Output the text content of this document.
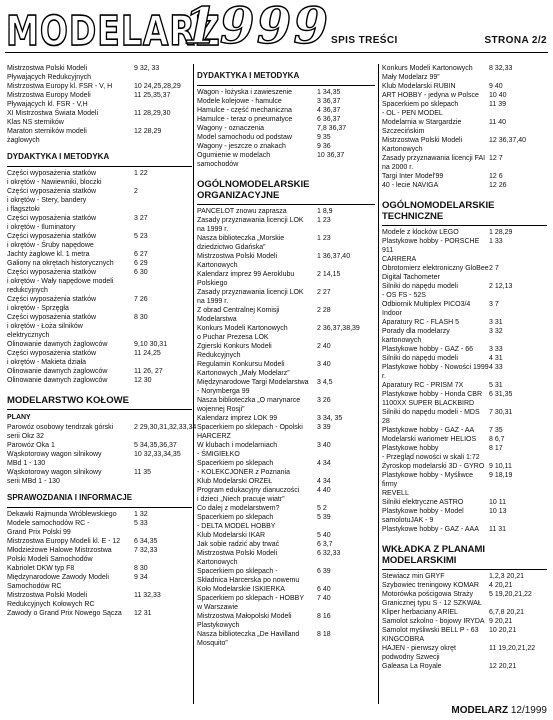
MODELARZ
1999 SPIS TREŚCI	STRONA 2/2
Mistrzostwa Polski Modeli
Pływających Redukcyjnych
9 32, 33
Mistrzostwa Europy kl. FSR - V, H	10 24,25,28,29
Mistrzostwa Europy Modeli
Pływających kl. FSR - V,H
11 25,35,37
XI Mistrzostwa Świata Modeli
Klas NS sterników
11 28,29,30
Maraton sterników modeli
żaglowych
12 28,29
DYDAKTYKA I METODYKA
Części wyposażenia statków
i okrętów - Nawiewniki, bloczki
1 22
Części wyposażenia statków
i okrętów - Stery, bandery
i flagsztoki
2
Części wyposażenia statków
i okrętów - Iluminatory
3 27
Części wyposażenia statków
i okrętów - Śruby napędowe
5 23
Jachty żaglowe kl. 1 metra	6 27
Galiony na okrętach historycznych	6 29
Części wyposażenia statków
i okrętów - Wały napędowe modeli
redukcyjnych
6 30
Części wyposażenia statków
i okrętów - Sprzęgła
7 26
Części wyposażenia statków
i okrętów - Łoża silników
elektrycznych
8 30
Olinowanie dawnych żaglowców	9,10 30,31
Części wyposażenia statków
i okrętów - Makieta działa
11 24,25
Olinowanie dawnych żaglowców	11 26, 27
Olinowanie dawnych żaglowców	12 30
MODELARSTWO KOŁOWE
PLANY
Parowóz osobowy tendrzak górski
serii Okz 32
2 29,30,31,32,33,34
Parowóz Oka 1	5 34,35,36,37
Wąskotorowy wagon silnikowy
MBd 1 - 130
10 32,33,34,35
Wąskotorowy wagon silnikowy
serii MBd 1 - 130
11 35
SPRAWOZDANIA I INFORMACJE
Dekawki Rajmunda Wróblewskiego	1 32
Modele samochodów RC -
Grand Prix Polski 99
5 33
Mistrzostwa Europy Modeli kl. E - 12	6 34,35
Młodzieżowe Halowe Mistrzostwa
Polski Modeli Samochodów
7 32,33
Kabriolet DKW typ F8	8 30
Międzynarodowe Zawody Modeli
Samochodów RC
9 34
Mistrzostwa Polski Modeli
Redukcyjnych Kołowych RC
11 32,33
Zawody o Grand Prix Nowego Sącza	12 31
DYDAKTYKA I METODYKA
Wagon - łożyska i zawieszenie	1 34,35
Modele kolejowe - hamulce	3 36,37
Hamulce - część mechaniczna	4 36,37
Hamulce - teraz o pneumatyce	6 36,37
Wagony - oznaczenia	7,8 36,37
Model samochodu od podstaw	9 35
Wagony - jeszcze o znakach	9 36
Ogumienie w modelach
samochodów
10 36,37
OGÓLNOMODELARSKIE ORGANIZACYJNE
PANCELOT znowu zaprasza	1 8,9
Zasady przyznawania licencji LOK
na 1999 r.
1 23
Nasza biblioteczka „Morskie
dziedzictwo Gdańska”
1 23
Mistrzostwa Polski Modeli
Kartonowych
1 36,37,40
Kalendarz imprez 99 Aeroklubu
Polskiego
2 14,15
Zasady przyznawania licencji LOK
na 1999 r.
2 27
Z obrad Centralnej Komisji
Modelarstwa
2 28
Konkurs Modeli Kartonowych
o Puchar Prezesa LOK
2 36,37,38,39
Zgierski Konkurs Modeli
Redukcyjnych
2 40
Regulamin Konkursu Modeli
Kartonowych „Mały Modelarz”
3 40
Międzynarodowe Targi Modelarstwa
- Norymberga 99
3 4,5
Nasza biblioteczka „O marynarce
wojennej Rosji”
3 26
Kalendarz imprez LOK 99	3 34, 35
Spacerkiem po sklepach - Opolski
HARCERZ
3 39
W klubach i modelarniach
- ŚMIGIEŁKO
3 40
Spacerkiem po sklepach
- KOLEKCJONER z Poznania
4 34
Klub Modelarski ORZEŁ	4 34
Program edukacyjny dianuczości
i dzieci „Niech pracuje wiatr”
4 40
Co dalej z modelarstwem?	5 2
Spacerkiem po sklepach
- DELTA MODEL HOBBY
5 39
Klub Modelarski IKAR	5 40
Jak sobie radzić aby trwać	6 3,7
Mistrzostwa Polski Modeli
Kartonowych
6 32,33
Spacerkiem po sklepach -
Składnica Harcerska po nowemu
6 39
Koło Modelarskie ISKIERKA	6 40
Spacerkiem po sklepach - HOBBY
w Warszawie
7 40
Mistrzostwa Małopolski Modeli
Plastykowych
8 16
Nasza biblioteczka „De Havilland
Mosquito”
8 18
Konkurs Modeli Kartonowych
Mały Modelarz 99”
8 32,33
Klub Modelarski RUBIN	9 40
ART HOBBY - jedyna w Polsce	10 40
Spacerkiem po sklepach
- OL - PEN MODEL
11 39
Modelarnia w Stargardzie
Szczecińskim
11 40
Mistrzostwa Polski Modeli
Kartonowych
12 36,37,40
Zasady przyznawania licencji FAI
na 2000 r.
12 7
Targi Inter Model'99	12 6
40 - lecie NAVIGA	12 26
OGÓLNOMODELARSKIE TECHNICZNE
Modele z klocków LEGO	1 28,29
Plastykowe hobby - PORSCHE 911
CARRERA
1 33
Obrotomierz elektroniczny GloBee
Digital Tachometer
2 7
Silniki do napędu modeli
- OS FS - 52S
2 12,13
Odbiornik Multiplex PICO3/4 Indoor
3 7
Aparatury RC - FLASH 5	3 31
Porady dla modelarzy kartonowych
3 32
Plastykowe hobby - GAZ - 66	3 33
Silniki do napędu modeli	4 31
Plastykowe hobby - Nowości 1999 r.
4 33
Aparatury RC - PRISM 7X	5 31
Plastykowe hobby - Honda CBR
1100XX SUPER BLACKBIRD
6 31,35
Silniki do napędu modeli - MDS 28
7 30,31
Plastykowe hobby - GAZ - AA	7 35
Modelarski wariometr HELIOS	8 6,7
Plastykowe hobby
- Przegląd nowości w skali 1:72
8 17
Żyroskop modelarski 3D - GYRO 9 10,11
Plastykowe hobby - Myśliwce firmy
REVELL
9 18,19
Silniki elektryczne ASTRO	10 11
Plastykowe hobby - Model
samolotuJAK - 9
10 13
Plastykowe hobby - GAZ - AAA	11 31
WKŁADKA Z PLANAMI MODELARSKIMI
Stewiacz min GRYF	1,2,3 20,21
Szybowiec treningowy KOMAR	4 20,21
Motorówka pościgowa Straży
Granicznej typu S - 12 SZKWAŁ
5 19,20,21,22
Kliper herbaciany ARIEL	6,7,8 20,21
Samolot szkolno - bojowy IRYDA 9 20,21
Samolot myśliwski BELL P - 63
KINGCOBRA
10 20,21
HAJEN - pierwszy okręt
podwodny Szwecji
11 19,20,21,22
Galeasa La Royale	12 20,21
MODELARZ 12/1999
